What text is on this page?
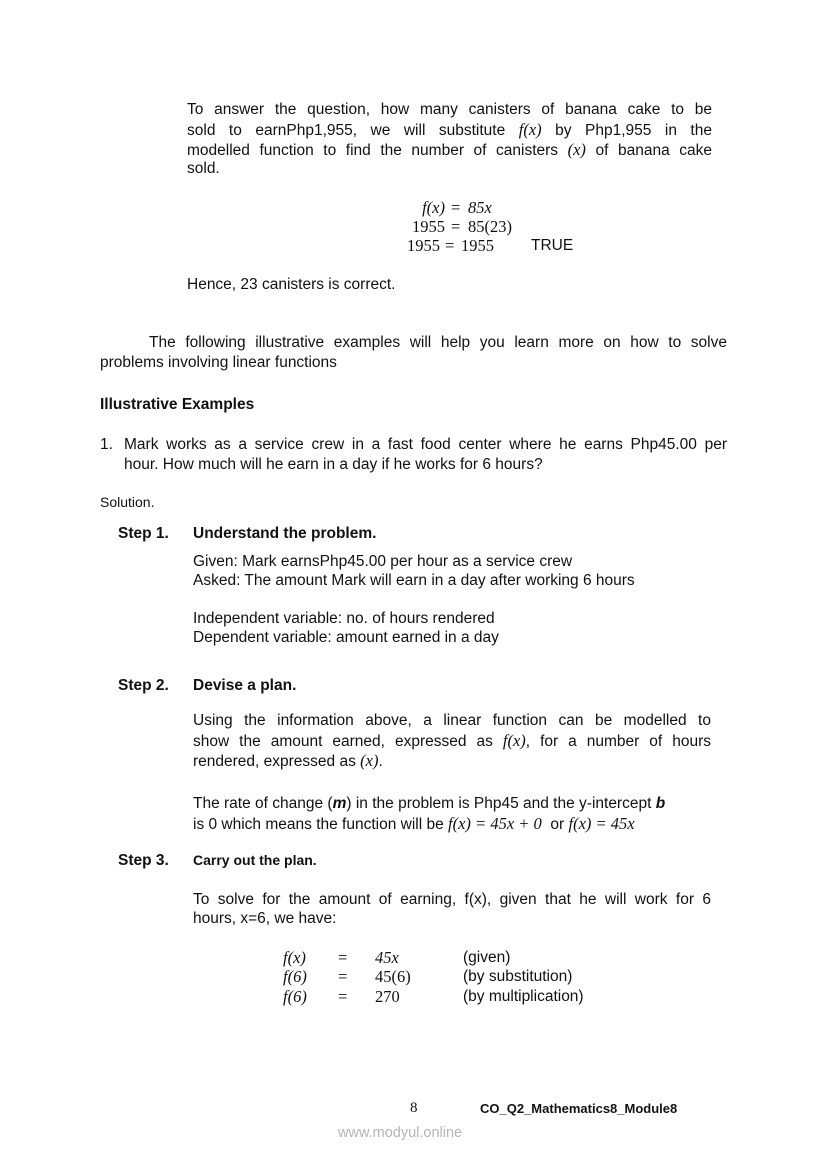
To answer the question, how many canisters of banana cake to be
sold to earnPhp1,955, we will substitute f(x) by Php1,955 in the
modelled function to find the number of canisters (x) of banana cake
sold.
f(x) = 85x
1955 = 85(23)
1955 = 1955 TRUE
Hence, 23 canisters is correct.
The following illustrative examples will help you learn more on how to solve
problems involving linear functions
Illustrative Examples
1. Mark works as a service crew in a fast food center where he earns Php45.00 per
hour. How much will he earn in a day if he works for 6 hours?
Solution.
Step 1. Understand the problem.
Given: Mark earnsPhp45.00 per hour as a service crew
Asked: The amount Mark will earn in a day after working 6 hours
Independent variable: no. of hours rendered
Dependent variable: amount earned in a day
Step 2. Devise a plan.
Using the information above, a linear function can be modelled to
show the amount earned, expressed as f(x), for a number of hours
rendered, expressed as (x).
The rate of change (m) in the problem is Php45 and the y-intercept b
is 0 which means the function will be f(x) = 45x + 0 or f(x) = 45x
Step 3. Carry out the plan.
To solve for the amount of earning, f(x), given that he will work for 6
hours, x=6, we have:
f(x) = 45x	(given)
f(6) = 45(6)	(by substitution)
f(6) = 270	(by multiplication)
8	CO_Q2_Mathematics8_Module8
www.modyul.online
